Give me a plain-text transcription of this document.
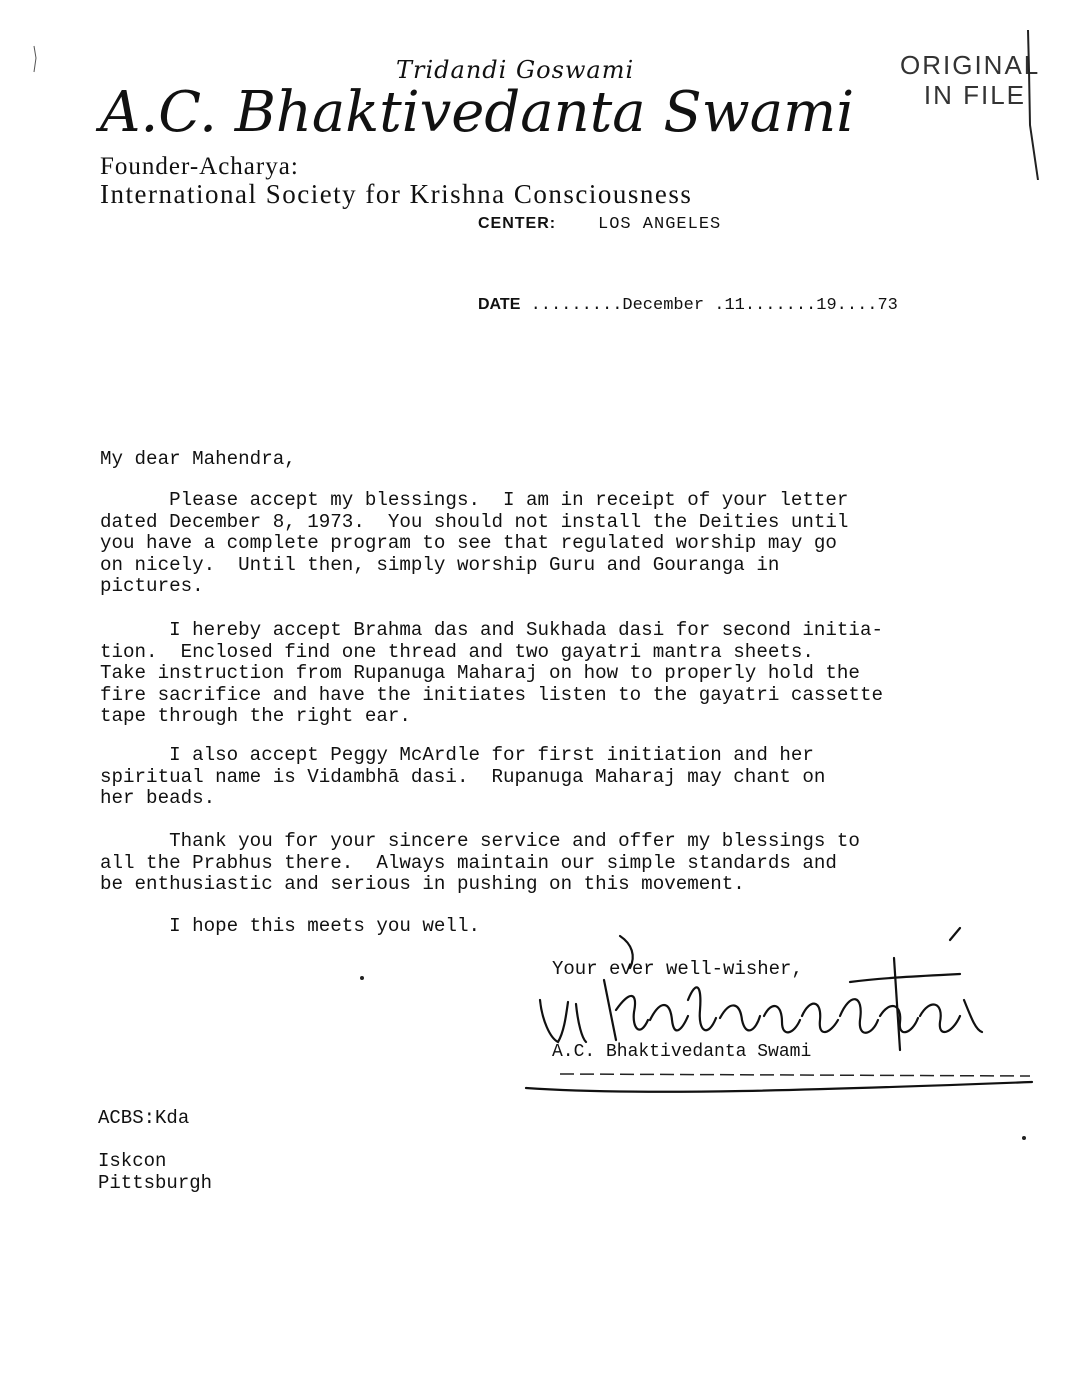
Tridandi Goswami
A.C. Bhaktivedanta Swami
ORIGINAL
IN FILE
Founder-Acharya:
International Society for Krishna Consciousness
CENTER: LOS ANGELES
DATE .........December .11.......19....73
My dear Mahendra,
Please accept my blessings.  I am in receipt of your letter
dated December 8, 1973.  You should not install the Deities until
you have a complete program to see that regulated worship may go
on nicely.  Until then, simply worship Guru and Gouranga in
pictures.
I hereby accept Brahma das and Sukhada dasi for second initia-
tion.  Enclosed find one thread and two gayatri mantra sheets.
Take instruction from Rupanuga Maharaj on how to properly hold the
fire sacrifice and have the initiates listen to the gayatri cassette
tape through the right ear.
I also accept Peggy McArdle for first initiation and her
spiritual name is Vidambhā dasi.  Rupanuga Maharaj may chant on
her beads.
Thank you for your sincere service and offer my blessings to
all the Prabhus there.  Always maintain our simple standards and
be enthusiastic and serious in pushing on this movement.
I hope this meets you well.
Your ever well-wisher,
A.C. Bhaktivedanta Swami
ACBS:Kda
Iskcon
Pittsburgh
